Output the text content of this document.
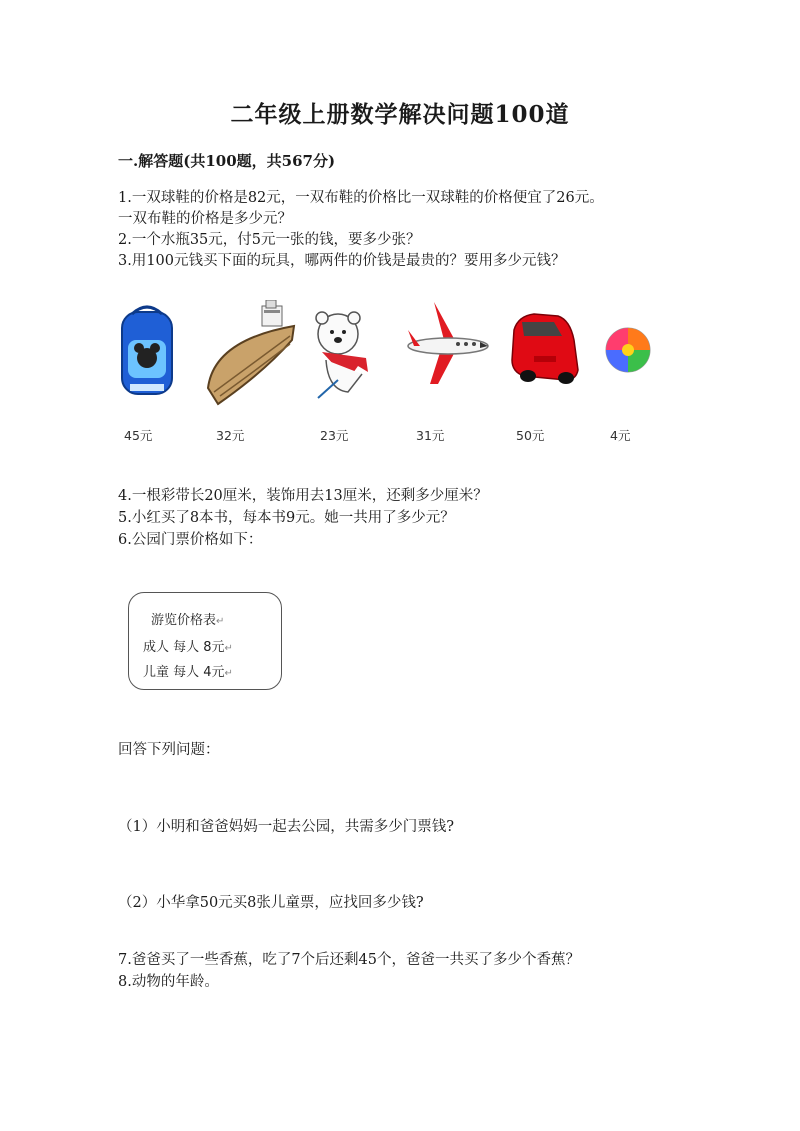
二年级上册数学解决问题100道
一.解答题(共100题，共567分)
1.一双球鞋的价格是82元，一双布鞋的价格比一双球鞋的价格便宜了26元。
一双布鞋的价格是多少元？
2.一个水瓶35元，付5元一张的钱，要多少张？
3.用100元钱买下面的玩具，哪两件的价钱是最贵的？要用多少元钱？
45元	32元	23元	31元	50元	4元
4.一根彩带长20厘米，装饰用去13厘米，还剩多少厘米？
5.小红买了8本书，每本书9元。她一共用了多少元？
6.公园门票价格如下：
游览价格表↵
成人 每人 8元↵
儿童 每人 4元↵
回答下列问题：
（1）小明和爸爸妈妈一起去公园，共需多少门票钱?
（2）小华拿50元买8张儿童票，应找回多少钱?
7.爸爸买了一些香蕉，吃了7个后还剩45个，爸爸一共买了多少个香蕉？
8.动物的年龄。
